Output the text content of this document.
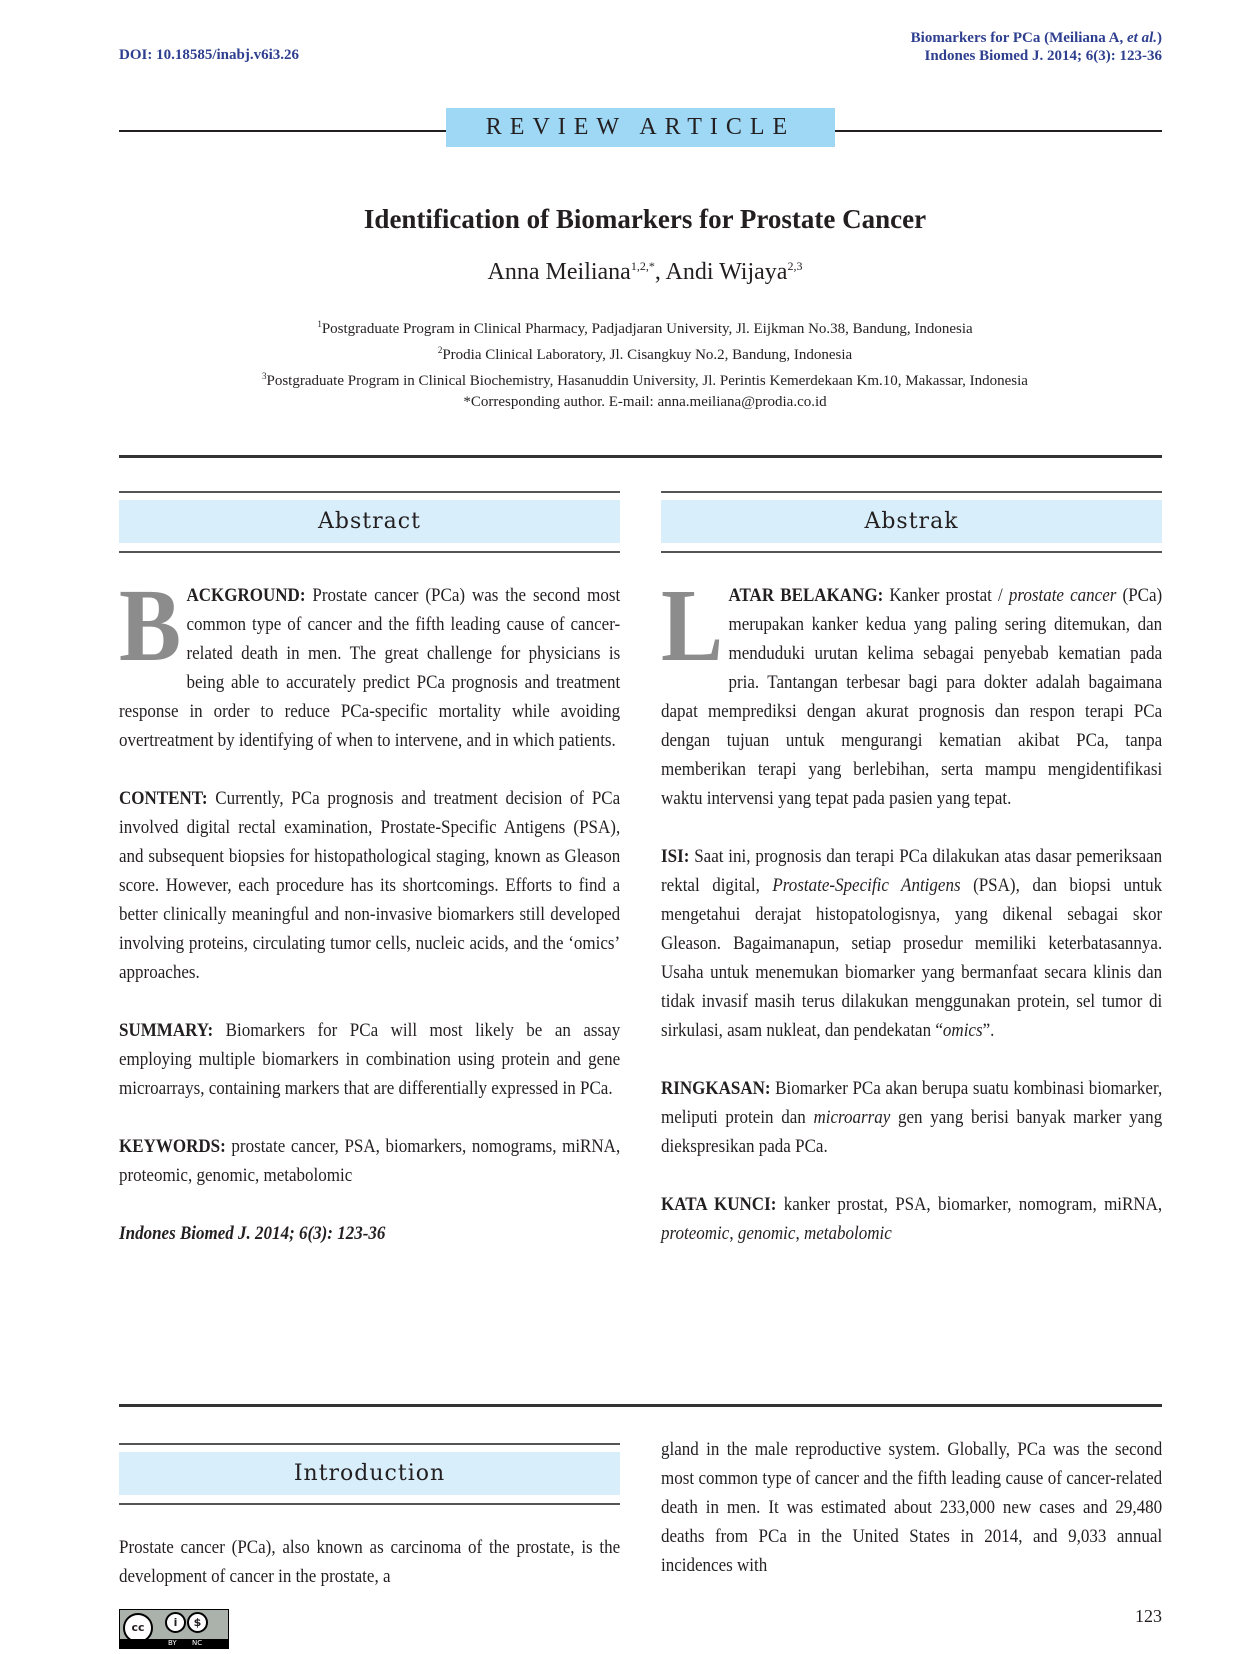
DOI: 10.18585/inabj.v6i3.26
Biomarkers for PCa (Meiliana A, et al.)
Indones Biomed J. 2014; 6(3): 123-36
REVIEW ARTICLE
Identification of Biomarkers for Prostate Cancer
Anna Meiliana$^{1,2,*}$, Andi Wijaya$^{2,3}$
$^1$Postgraduate Program in Clinical Pharmacy, Padjadjaran University, Jl. Eijkman No.38, Bandung, Indonesia
$^2$Prodia Clinical Laboratory, Jl. Cisangkuy No.2, Bandung, Indonesia
$^3$Postgraduate Program in Clinical Biochemistry, Hasanuddin University, Jl. Perintis Kemerdekaan Km.10, Makassar, Indonesia
*Corresponding author. E-mail: anna.meiliana@prodia.co.id
Abstract
BACKGROUND: Prostate cancer (PCa) was the second most common type of cancer and the fifth leading cause of cancer-related death in men. The great challenge for physicians is being able to accurately predict PCa prognosis and treatment response in order to reduce PCa-specific mortality while avoiding overtreatment by identifying of when to intervene, and in which patients.
CONTENT: Currently, PCa prognosis and treatment decision of PCa involved digital rectal examination, Prostate-Specific Antigens (PSA), and subsequent biopsies for histopathological staging, known as Gleason score. However, each procedure has its shortcomings. Efforts to find a better clinically meaningful and non-invasive biomarkers still developed involving proteins, circulating tumor cells, nucleic acids, and the ‘omics’ approaches.
SUMMARY: Biomarkers for PCa will most likely be an assay employing multiple biomarkers in combination using protein and gene microarrays, containing markers that are differentially expressed in PCa.
KEYWORDS: prostate cancer, PSA, biomarkers, nomograms, miRNA, proteomic, genomic, metabolomic
Indones Biomed J. 2014; 6(3): 123-36
Abstrak
LATAR BELAKANG: Kanker prostat / prostate cancer (PCa) merupakan kanker kedua yang paling sering ditemukan, dan menduduki urutan kelima sebagai penyebab kematian pada pria. Tantangan terbesar bagi para dokter adalah bagaimana dapat memprediksi dengan akurat prognosis dan respon terapi PCa dengan tujuan untuk mengurangi kematian akibat PCa, tanpa memberikan terapi yang berlebihan, serta mampu mengidentifikasi waktu intervensi yang tepat pada pasien yang tepat.
ISI: Saat ini, prognosis dan terapi PCa dilakukan atas dasar pemeriksaan rektal digital, Prostate-Specific Antigens (PSA), dan biopsi untuk mengetahui derajat histopatologisnya, yang dikenal sebagai skor Gleason. Bagaimanapun, setiap prosedur memiliki keterbatasannya. Usaha untuk menemukan biomarker yang bermanfaat secara klinis dan tidak invasif masih terus dilakukan menggunakan protein, sel tumor di sirkulasi, asam nukleat, dan pendekatan “omics”.
RINGKASAN: Biomarker PCa akan berupa suatu kombinasi biomarker, meliputi protein dan microarray gen yang berisi banyak marker yang diekspresikan pada PCa.
KATA KUNCI: kanker prostat, PSA, biomarker, nomogram, miRNA, proteomic, genomic, metabolomic
Introduction

Prostate cancer (PCa), also known as carcinoma of the prostate, is the development of cancer in the prostate, a

gland in the male reproductive system. Globally, PCa was the second most common type of cancer and the fifth leading cause of cancer-related death in men. It was estimated about 233,000 new cases and 29,480 deaths from PCa in the United States in 2014, and 9,033 annual incidences with

cc	i	$
BY NC
123
